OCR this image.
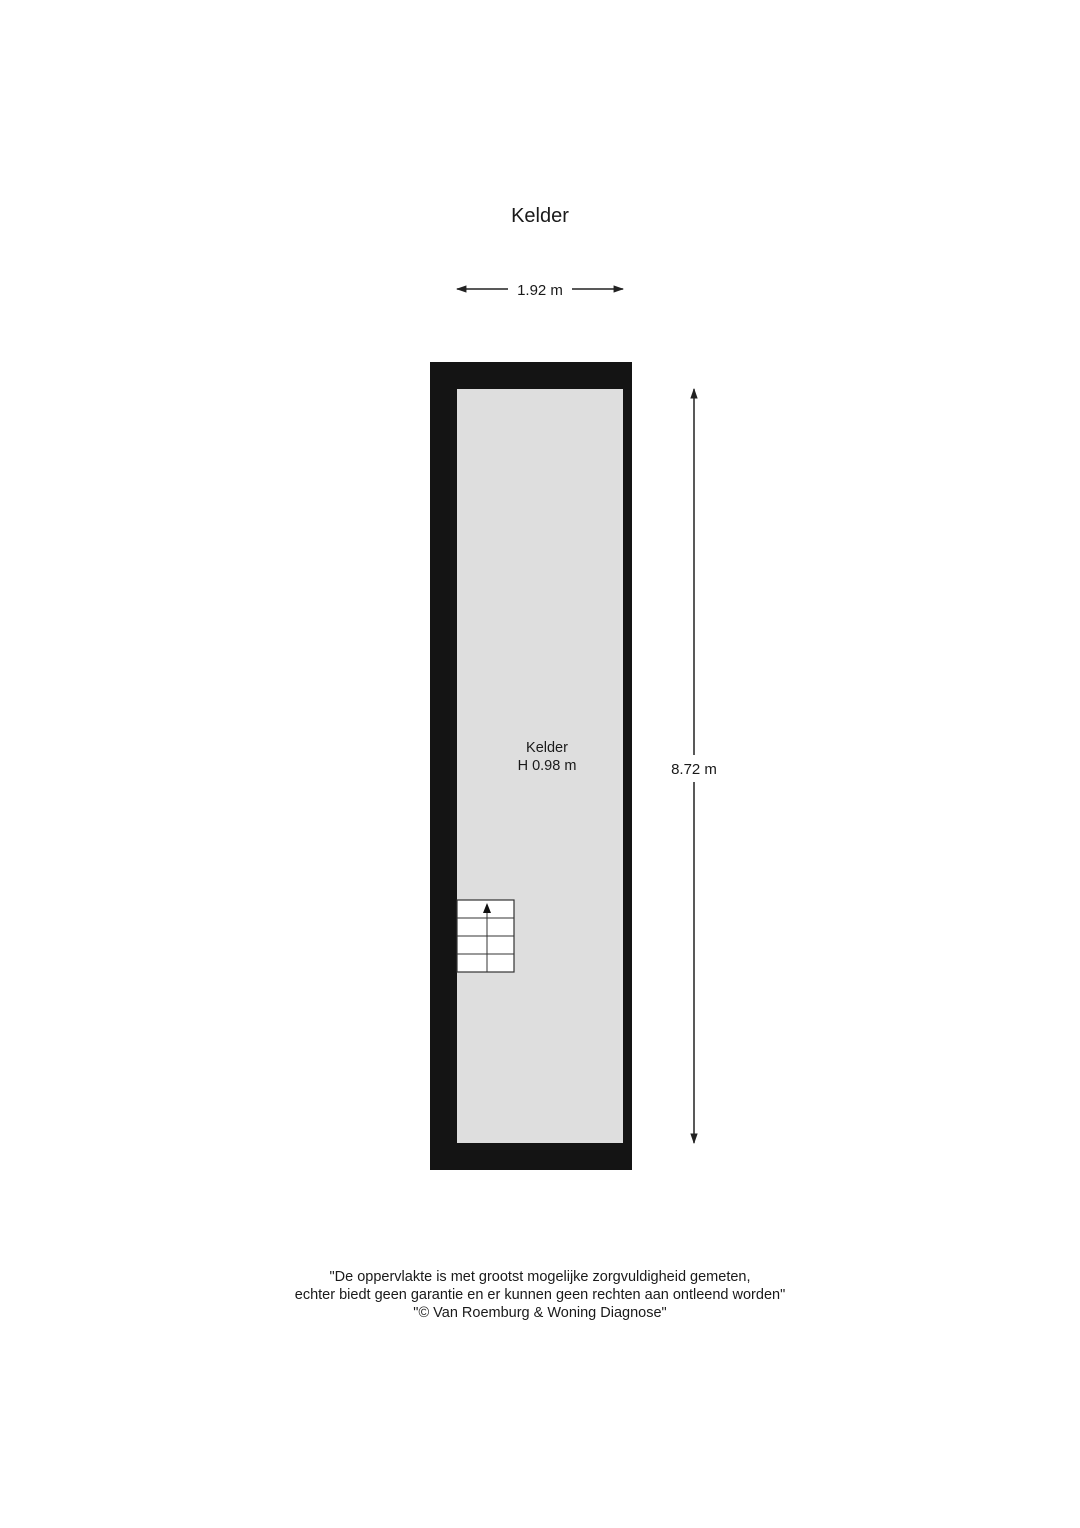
Kelder
1.92 m
Kelder
H 0.98 m	8.72 m
"De oppervlakte is met grootst mogelijke zorgvuldigheid gemeten,
echter biedt geen garantie en er kunnen geen rechten aan ontleend worden"
"© Van Roemburg & Woning Diagnose"
